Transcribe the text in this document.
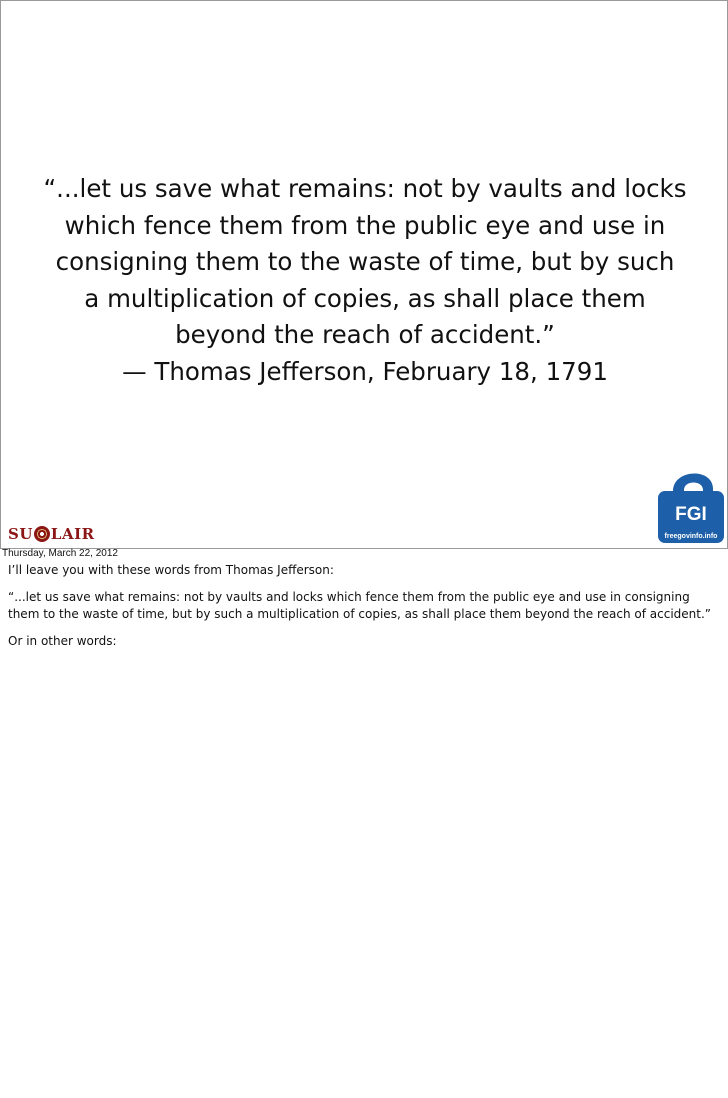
“...let us save what remains: not by vaults and locks
which fence them from the public eye and use in
consigning them to the waste of time, but by such
a multiplication of copies, as shall place them
beyond the reach of accident.”
— Thomas Jefferson, February 18, 1791
SU LAIR
FGI
freegovinfo.info
Thursday, March 22, 2012

I’ll leave you with these words from Thomas Jefferson:

“...let us save what remains: not by vaults and locks which fence them from the public eye and use in consigning them to the waste of time, but by such a multiplication of copies, as shall place them beyond the reach of accident.”

Or in other words:
